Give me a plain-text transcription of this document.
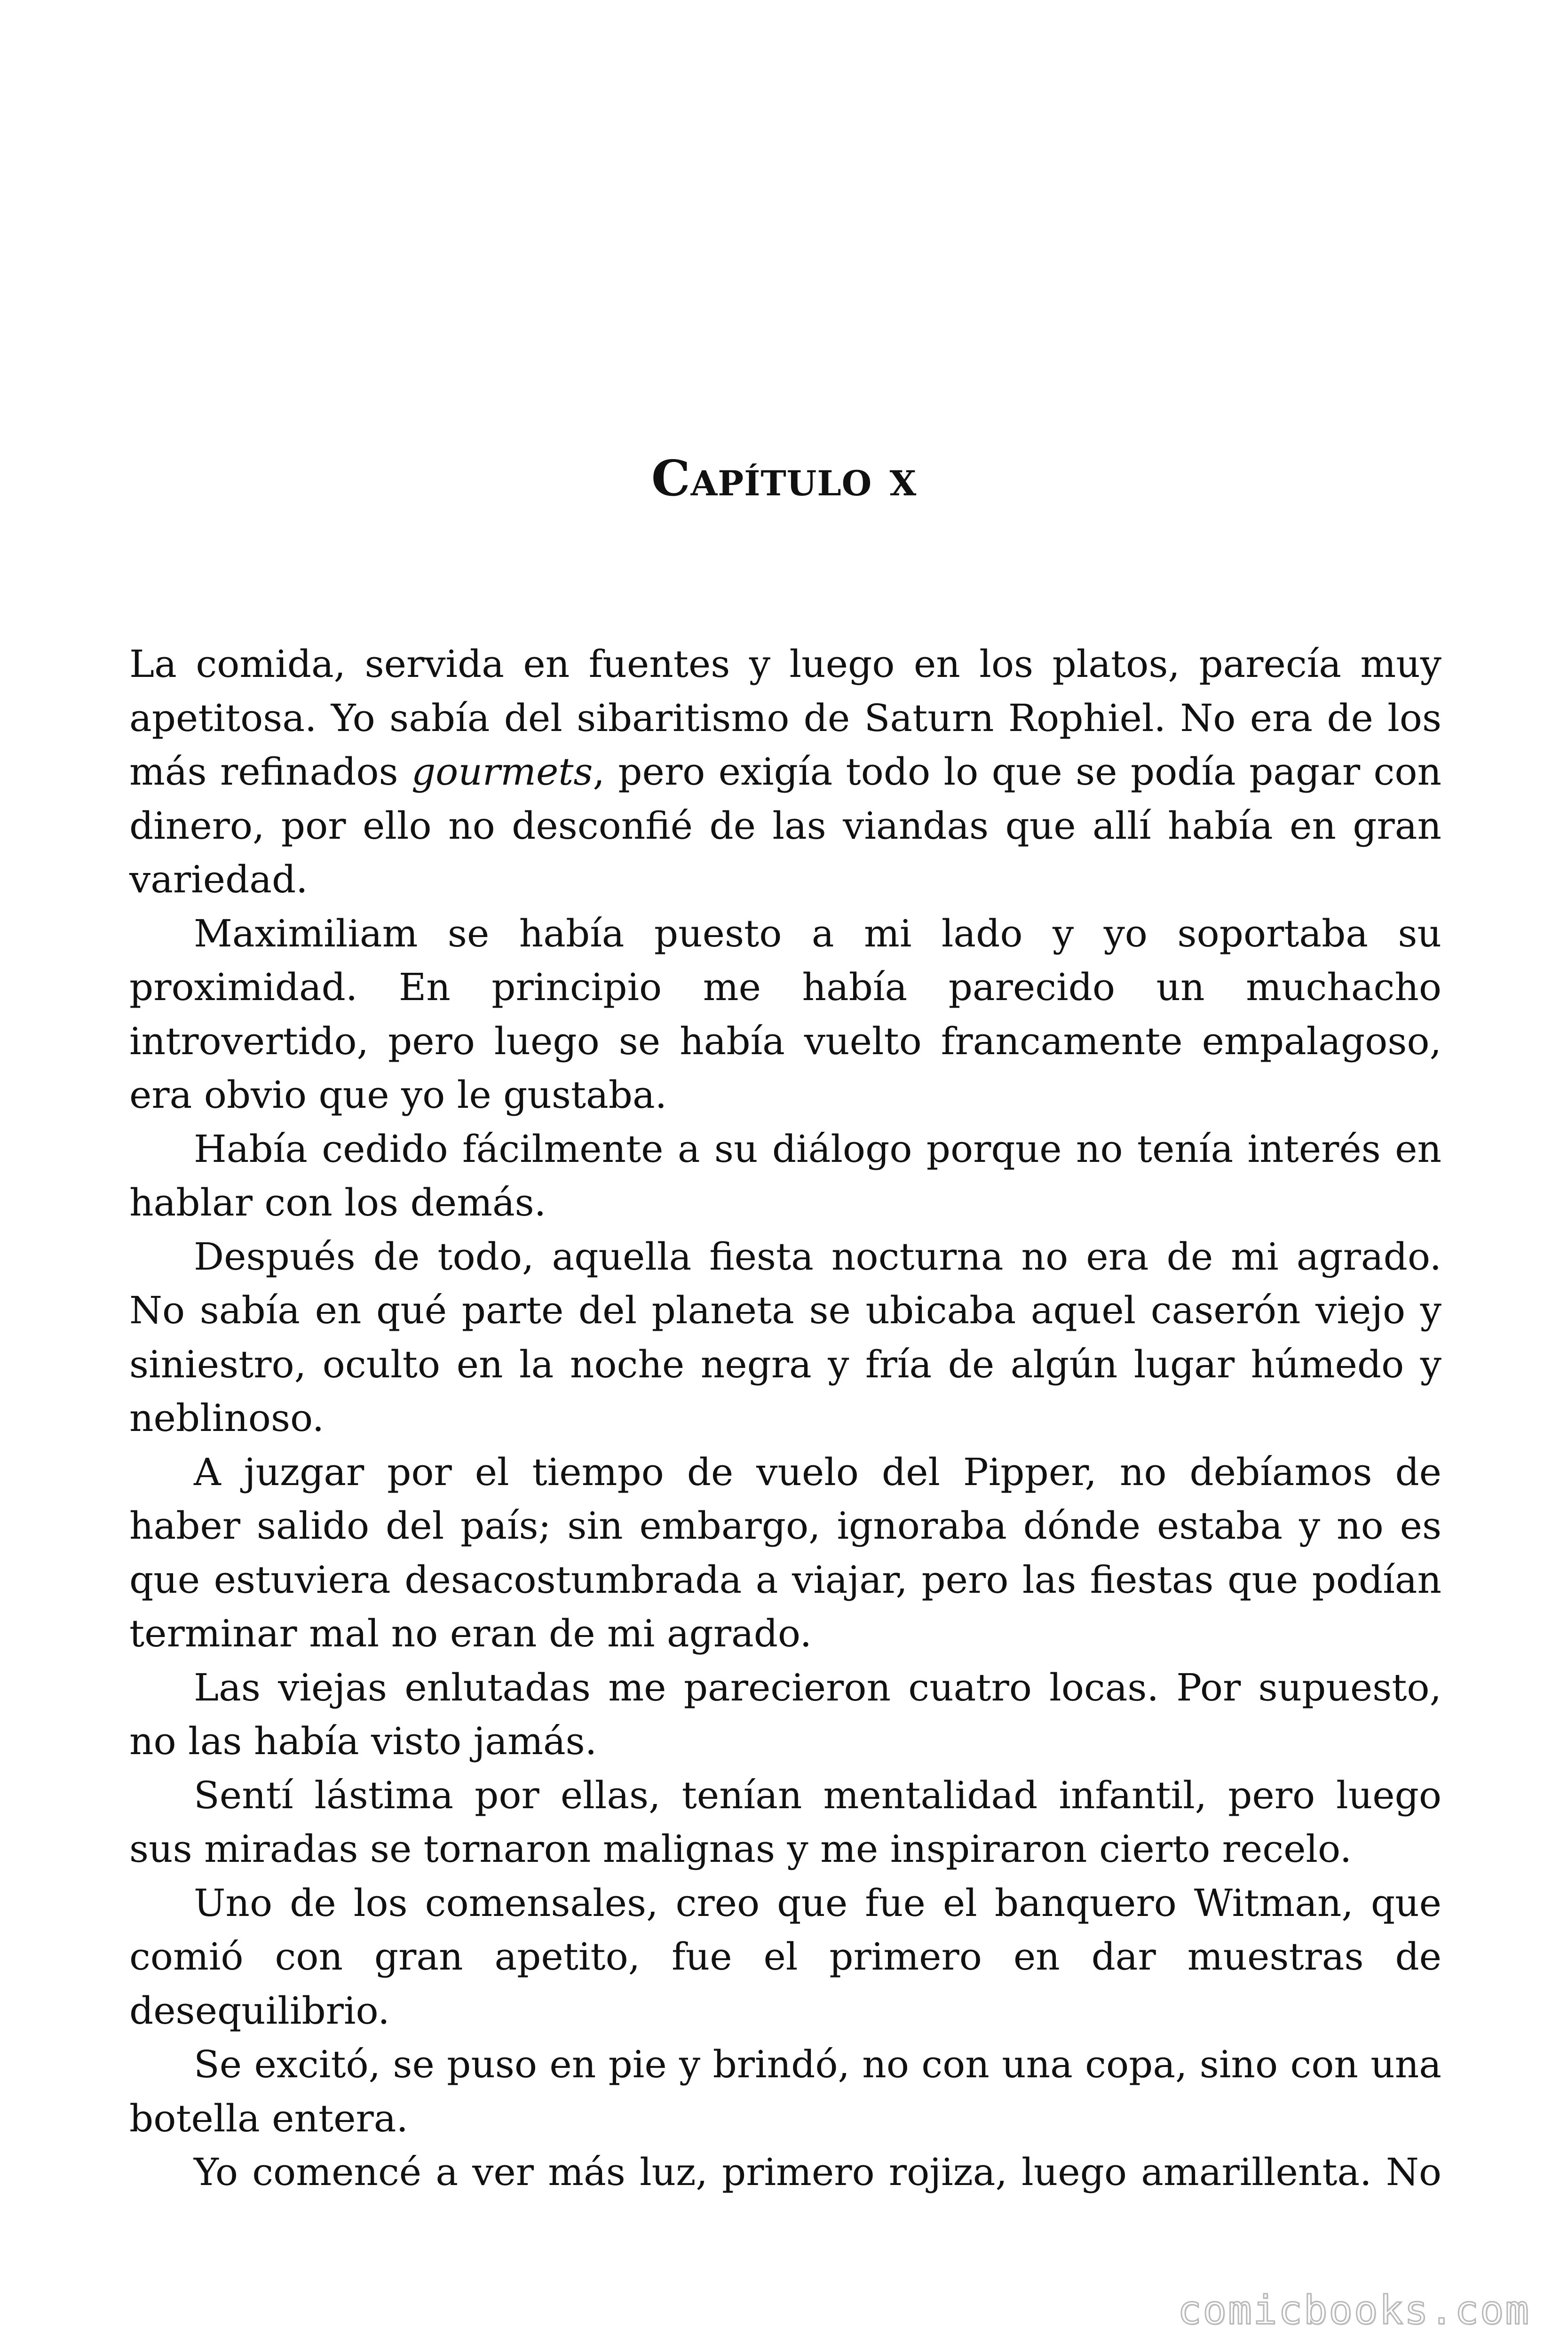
Capítulo x

La comida, servida en fuentes y luego en los platos, parecía muy apetitosa. Yo sabía del sibaritismo de Saturn Rophiel. No era de los más refinados gourmets, pero exigía todo lo que se podía pagar con dinero, por ello no desconfié de las viandas que allí había en gran variedad.

Maximiliam se había puesto a mi lado y yo soportaba su proximidad. En principio me había parecido un muchacho introvertido, pero luego se había vuelto francamente empalagoso, era obvio que yo le gustaba.

Había cedido fácilmente a su diálogo porque no tenía interés en hablar con los demás.

Después de todo, aquella fiesta nocturna no era de mi agrado. No sabía en qué parte del planeta se ubicaba aquel caserón viejo y siniestro, oculto en la noche negra y fría de algún lugar húmedo y neblinoso.

A juzgar por el tiempo de vuelo del Pipper, no debíamos de haber salido del país; sin embargo, ignoraba dónde estaba y no es que estuviera desacostumbrada a viajar, pero las fiestas que podían terminar mal no eran de mi agrado.

Las viejas enlutadas me parecieron cuatro locas. Por supuesto, no las había visto jamás.

Sentí lástima por ellas, tenían mentalidad infantil, pero luego sus miradas se tornaron malignas y me inspiraron cierto recelo.

Uno de los comensales, creo que fue el banquero Witman, que comió con gran apetito, fue el primero en dar muestras de desequilibrio.

Se excitó, se puso en pie y brindó, no con una copa, sino con una botella entera.

Yo comencé a ver más luz, primero rojiza, luego amarillenta. No

comicbooks.com
